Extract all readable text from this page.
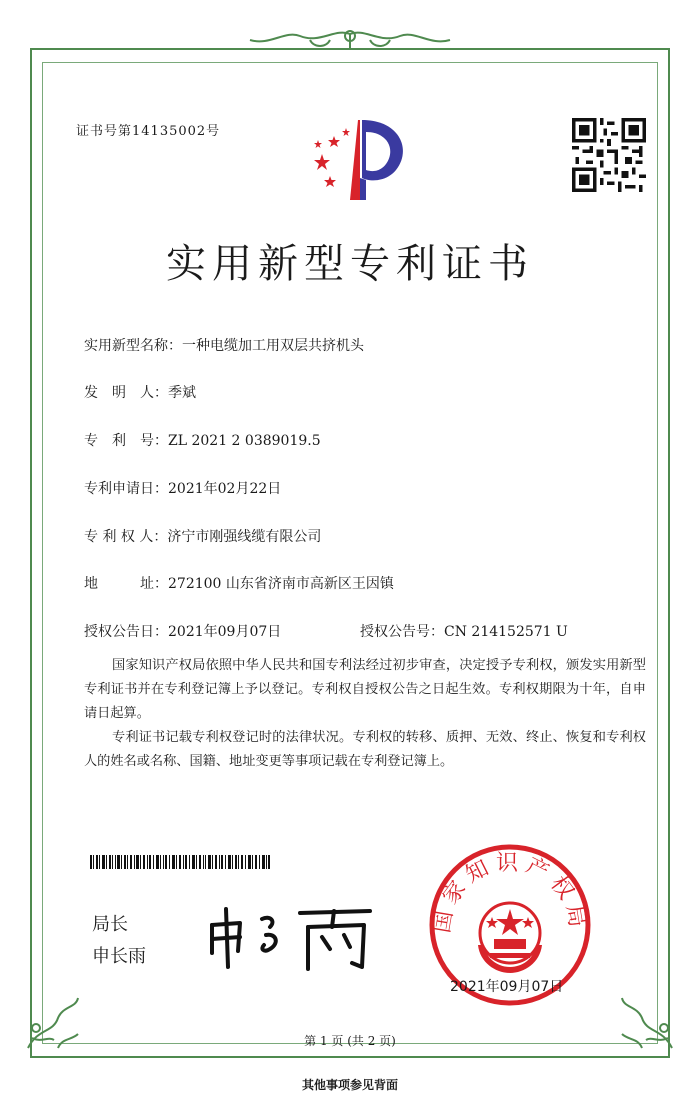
证书号第14135002号
实用新型专利证书
实用新型名称：一种电缆加工用双层共挤机头
发　明　人：季斌
专　利　号：ZL 2021 2 0389019.5
专利申请日：2021年02月22日
专 利 权 人：济宁市刚强线缆有限公司
地　　　址：272100 山东省济南市高新区王因镇
授权公告日：2021年09月07日	授权公告号：CN 214152571 U
国家知识产权局依照中华人民共和国专利法经过初步审查，决定授予专利权，颁发实用新型专利证书并在专利登记簿上予以登记。专利权自授权公告之日起生效。专利权期限为十年，自申请日起算。
专利证书记载专利权登记时的法律状况。专利权的转移、质押、无效、终止、恢复和专利权人的姓名或名称、国籍、地址变更等事项记载在专利登记簿上。
局长
申长雨
国家知识产权局
2021年09月07日
第 1 页 (共 2 页)
其他事项参见背面
